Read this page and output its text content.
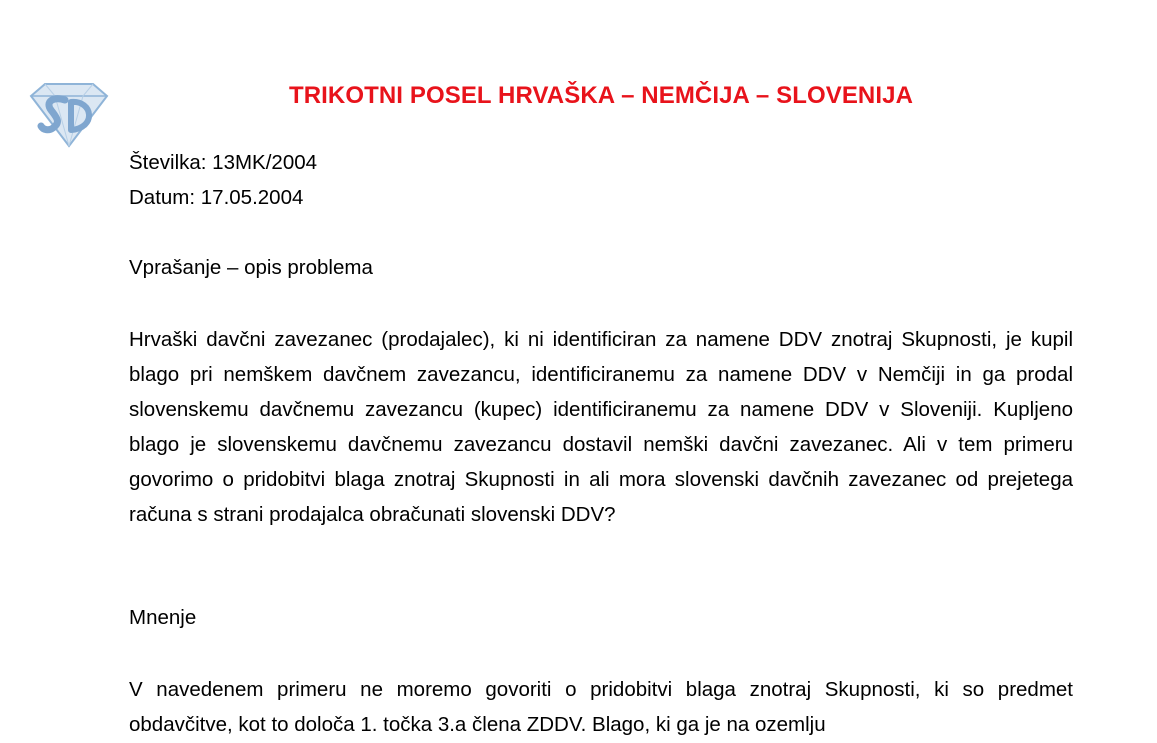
TRIKOTNI POSEL HRVAŠKA – NEMČIJA – SLOVENIJA

Številka: 13MK/2004

Datum: 17.05.2004

Vprašanje – opis problema

Hrvaški davčni zavezanec (prodajalec), ki ni identificiran za namene DDV znotraj Skupnosti, je kupil blago pri nemškem davčnem zavezancu, identificiranemu za namene DDV v Nemčiji in ga prodal slovenskemu davčnemu zavezancu (kupec) identificiranemu za namene DDV v Sloveniji. Kupljeno blago je slovenskemu davčnemu zavezancu dostavil nemški davčni zavezanec. Ali v tem primeru govorimo o pridobitvi blaga znotraj Skupnosti in ali mora slovenski davčnih zavezanec od prejetega računa s strani prodajalca obračunati slovenski DDV?

Mnenje

V navedenem primeru ne moremo govoriti o pridobitvi blaga znotraj Skupnosti, ki so predmet obdavčitve, kot to določa 1. točka 3.a člena ZDDV. Blago, ki ga je na ozemlju
